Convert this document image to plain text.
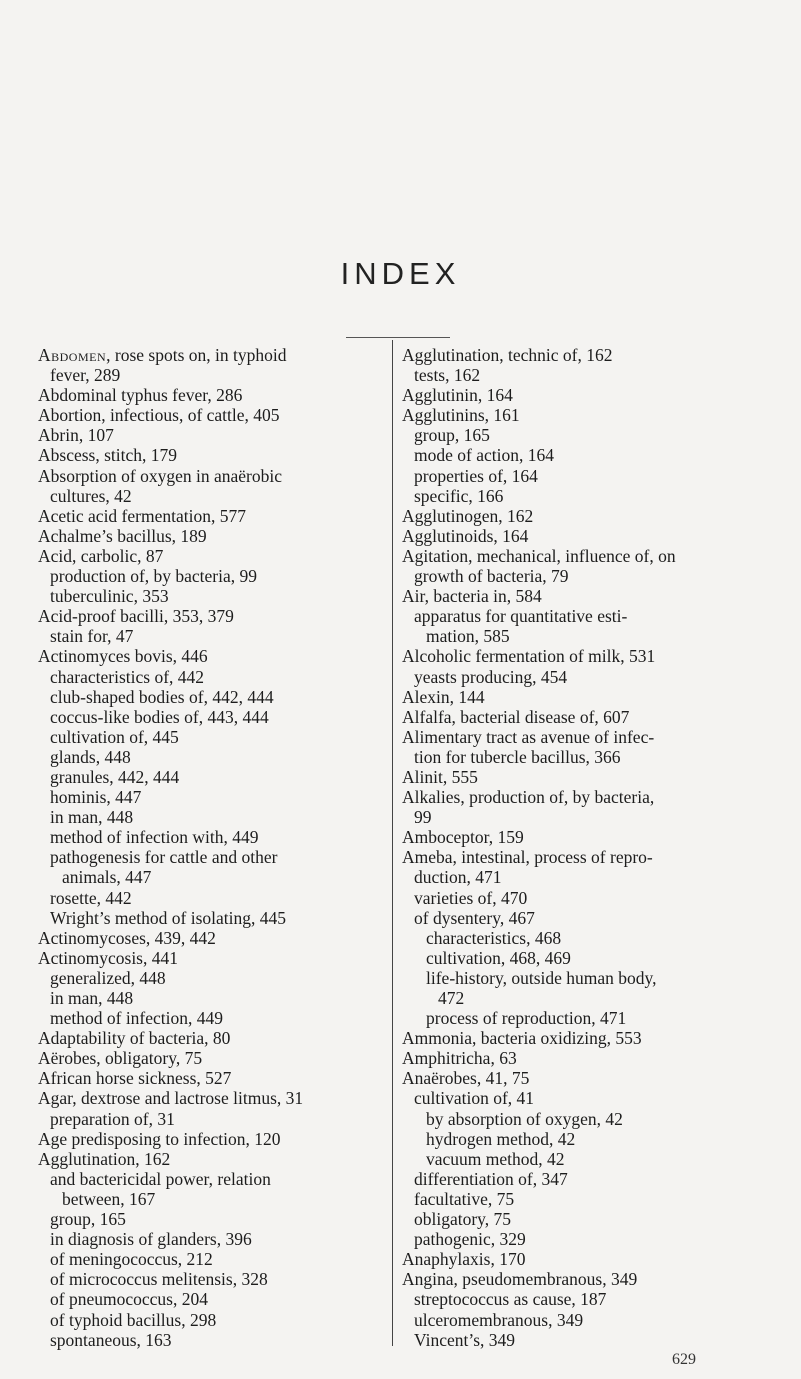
INDEX
Abdomen, rose spots on, in typhoid
fever, 289
Abdominal typhus fever, 286
Abortion, infectious, of cattle, 405
Abrin, 107
Abscess, stitch, 179
Absorption of oxygen in anaërobic
cultures, 42
Acetic acid fermentation, 577
Achalme’s bacillus, 189
Acid, carbolic, 87
production of, by bacteria, 99
tuberculinic, 353
Acid-proof bacilli, 353, 379
stain for, 47
Actinomyces bovis, 446
characteristics of, 442
club-shaped bodies of, 442, 444
coccus-like bodies of, 443, 444
cultivation of, 445
glands, 448
granules, 442, 444
hominis, 447
in man, 448
method of infection with, 449
pathogenesis for cattle and other
animals, 447
rosette, 442
Wright’s method of isolating, 445
Actinomycoses, 439, 442
Actinomycosis, 441
generalized, 448
in man, 448
method of infection, 449
Adaptability of bacteria, 80
Aërobes, obligatory, 75
African horse sickness, 527
Agar, dextrose and lactrose litmus, 31
preparation of, 31
Age predisposing to infection, 120
Agglutination, 162
and bactericidal power, relation
between, 167
group, 165
in diagnosis of glanders, 396
of meningococcus, 212
of micrococcus melitensis, 328
of pneumococcus, 204
of typhoid bacillus, 298
spontaneous, 163
Agglutination, technic of, 162
tests, 162
Agglutinin, 164
Agglutinins, 161
group, 165
mode of action, 164
properties of, 164
specific, 166
Agglutinogen, 162
Agglutinoids, 164
Agitation, mechanical, influence of, on
growth of bacteria, 79
Air, bacteria in, 584
apparatus for quantitative esti-
mation, 585
Alcoholic fermentation of milk, 531
yeasts producing, 454
Alexin, 144
Alfalfa, bacterial disease of, 607
Alimentary tract as avenue of infec-
tion for tubercle bacillus, 366
Alinit, 555
Alkalies, production of, by bacteria,
99
Amboceptor, 159
Ameba, intestinal, process of repro-
duction, 471
varieties of, 470
of dysentery, 467
characteristics, 468
cultivation, 468, 469
life-history, outside human body,
472
process of reproduction, 471
Ammonia, bacteria oxidizing, 553
Amphitricha, 63
Anaërobes, 41, 75
cultivation of, 41
by absorption of oxygen, 42
hydrogen method, 42
vacuum method, 42
differentiation of, 347
facultative, 75
obligatory, 75
pathogenic, 329
Anaphylaxis, 170
Angina, pseudomembranous, 349
streptococcus as cause, 187
ulceromembranous, 349
Vincent’s, 349
629
